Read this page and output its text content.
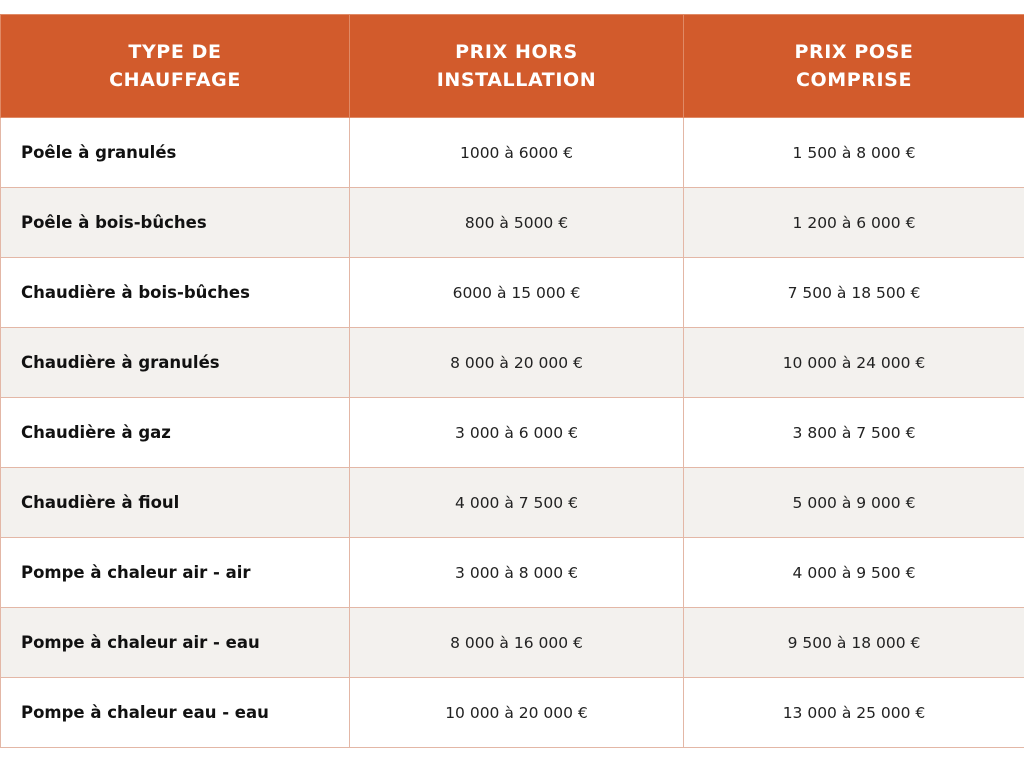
TYPE DE CHAUFFAGE	PRIX HORS INSTALLATION	PRIX POSE COMPRISE
Poêle à granulés	1000 à 6000 €	1 500 à 8 000 €
Poêle à bois-bûches	800 à 5000 €	1 200 à 6 000 €
Chaudière à bois-bûches	6000 à 15 000 €	7 500 à 18 500 €
Chaudière à granulés	8 000 à 20 000 €	10 000 à 24 000 €
Chaudière à gaz	3 000 à 6 000 €	3 800 à 7 500 €
Chaudière à fioul	4 000 à 7 500 €	5 000 à 9 000 €
Pompe à chaleur air - air	3 000 à 8 000 €	4 000 à 9 500 €
Pompe à chaleur air - eau	8 000 à 16 000 €	9 500 à 18 000 €
Pompe à chaleur eau - eau	10 000 à 20 000 €	13 000 à 25 000 €
